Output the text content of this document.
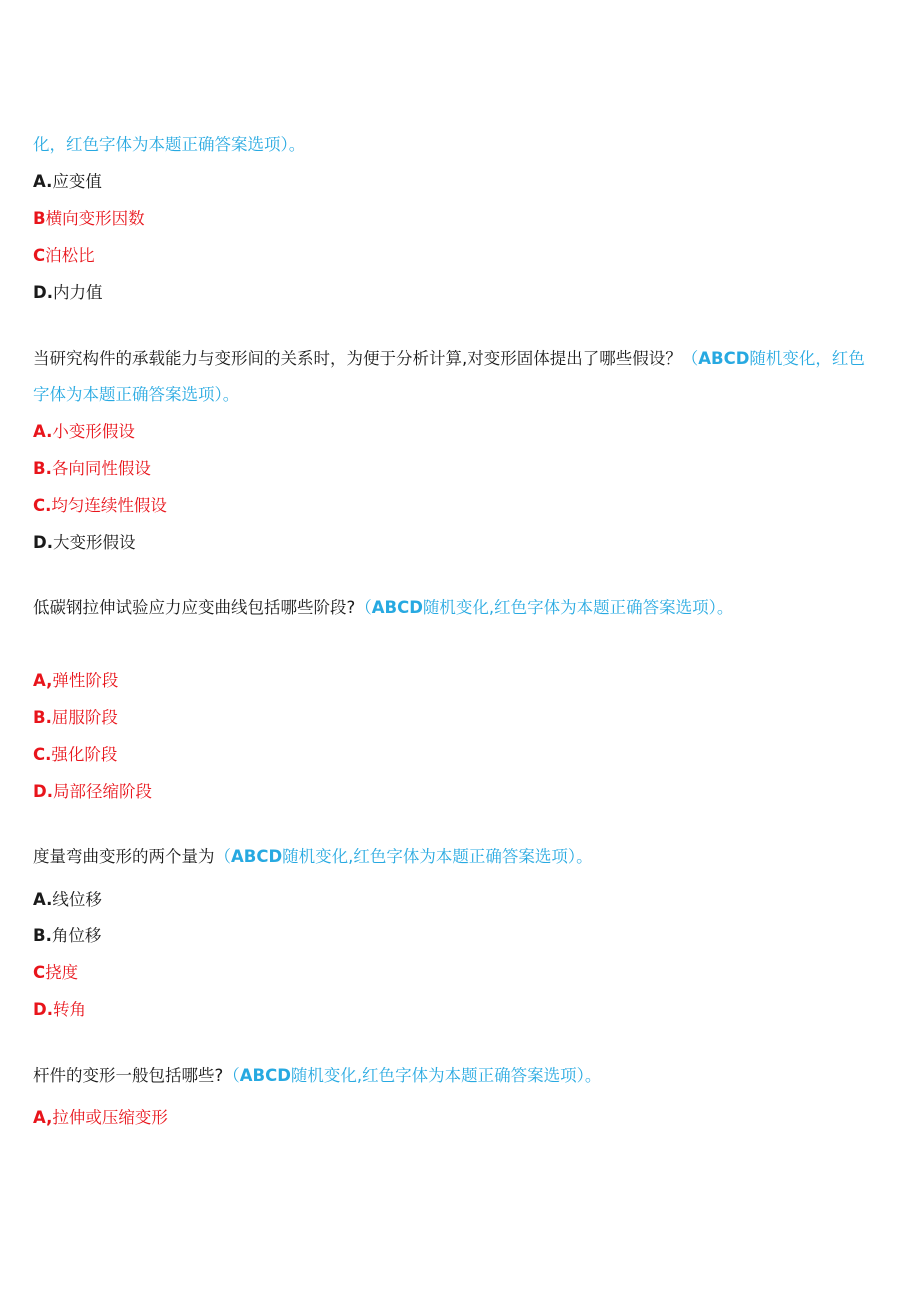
化，红色字体为本题正确答案选项）。
A.应变值
B横向变形因数
C泊松比
D.内力值
当研究构件的承载能力与变形间的关系时，为便于分析计算,对变形固体提出了哪些假设？（ABCD随机变化，红色
字体为本题正确答案选项）。
A.小变形假设
B.各向同性假设
C.均匀连续性假设
D.大变形假设
低碳钢拉伸试验应力应变曲线包括哪些阶段?（ABCD随机变化,红色字体为本题正确答案选项）。
A,弹性阶段
B.屈服阶段
C.强化阶段
D.局部径缩阶段
度量弯曲变形的两个量为（ABCD随机变化,红色字体为本题正确答案选项）。
A.线位移
B.角位移
C挠度
D.转角
杆件的变形一般包括哪些?（ABCD随机变化,红色字体为本题正确答案选项）。
A,拉伸或压缩变形
